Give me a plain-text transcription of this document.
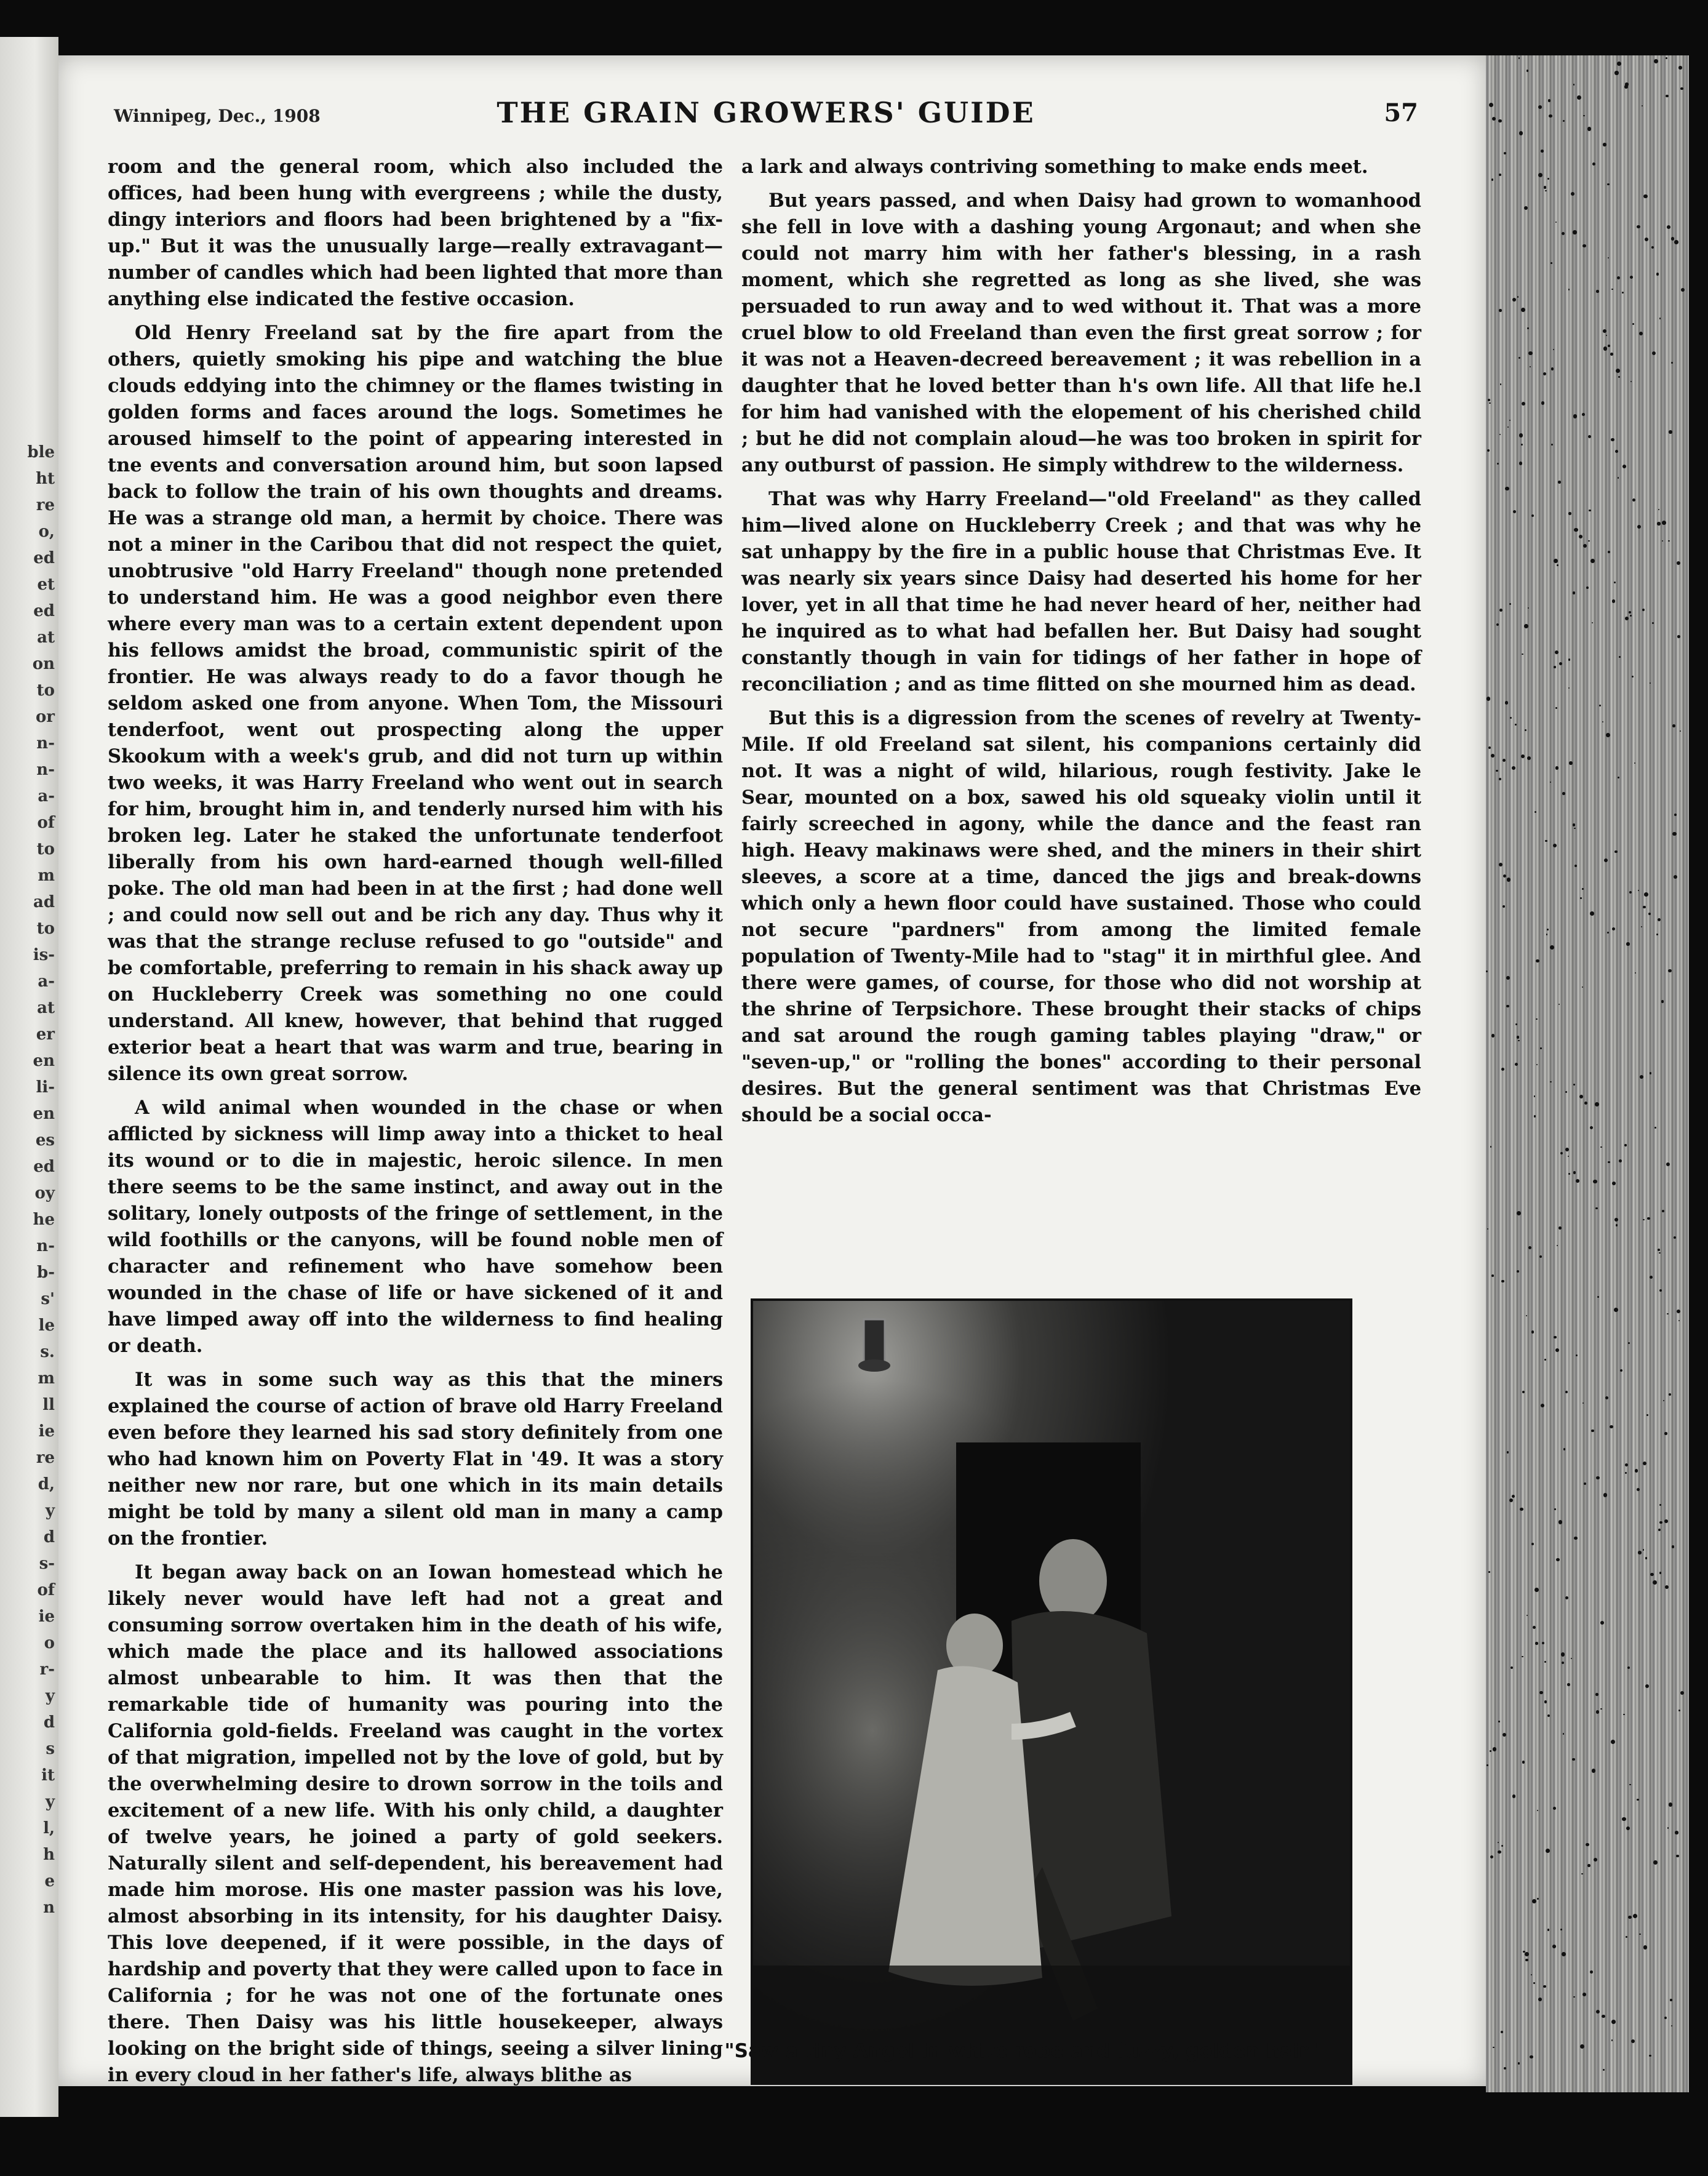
ble
ht
re
o,
ed
et
ed
at
on
to
or
n-
n-
a-
of
to
m
ad
to
is-
a-
at
er
en
li-
en
es
ed
oy
he
n-
b-
s'
le
s.
m
ll
ie
re
d,
y
d
s-
of
ie
o
r-
y
d
s
it
y
l,
h
e
n
Winnipeg, Dec., 1908	THE GRAIN GROWERS' GUIDE	57

room and the general room, which also included the offices, had been hung with evergreens ; while the dusty, dingy interiors and floors had been brightened by a "fix-up." But it was the unusually large—really extravagant—number of candles which had been lighted that more than anything else indicated the festive occasion.

Old Henry Freeland sat by the fire apart from the others, quietly smoking his pipe and watching the blue clouds eddying into the chimney or the flames twisting in golden forms and faces around the logs. Sometimes he aroused himself to the point of appearing interested in tne events and conversation around him, but soon lapsed back to follow the train of his own thoughts and dreams. He was a strange old man, a hermit by choice. There was not a miner in the Caribou that did not respect the quiet, unobtrusive "old Harry Freeland" though none pretended to understand him. He was a good neighbor even there where every man was to a certain extent dependent upon his fellows amidst the broad, communistic spirit of the frontier. He was always ready to do a favor though he seldom asked one from anyone. When Tom, the Missouri tenderfoot, went out prospecting along the upper Skookum with a week's grub, and did not turn up within two weeks, it was Harry Freeland who went out in search for him, brought him in, and tenderly nursed him with his broken leg. Later he staked the unfortunate tenderfoot liberally from his own hard-earned though well-filled poke. The old man had been in at the first ; had done well ; and could now sell out and be rich any day. Thus why it was that the strange recluse refused to go "outside" and be comfortable, preferring to remain in his shack away up on Huckleberry Creek was something no one could understand. All knew, however, that behind that rugged exterior beat a heart that was warm and true, bearing in silence its own great sorrow.

A wild animal when wounded in the chase or when afflicted by sickness will limp away into a thicket to heal its wound or to die in majestic, heroic silence. In men there seems to be the same instinct, and away out in the solitary, lonely outposts of the fringe of settlement, in the wild foothills or the canyons, will be found noble men of character and refinement who have somehow been wounded in the chase of life or have sickened of it and have limped away off into the wilderness to find healing or death.

It was in some such way as this that the miners explained the course of action of brave old Harry Freeland even before they learned his sad story definitely from one who had known him on Poverty Flat in '49. It was a story neither new nor rare, but one which in its main details might be told by many a silent old man in many a camp on the frontier.

It began away back on an Iowan homestead which he likely never would have left had not a great and consuming sorrow overtaken him in the death of his wife, which made the place and its hallowed associations almost unbearable to him. It was then that the remarkable tide of humanity was pouring into the California gold-fields. Freeland was caught in the vortex of that migration, impelled not by the love of gold, but by the overwhelming desire to drown sorrow in the toils and excitement of a new life. With his only child, a daughter of twelve years, he joined a party of gold seekers. Naturally silent and self-dependent, his bereavement had made him morose. His one master passion was his love, almost absorbing in its intensity, for his daughter Daisy. This love deepened, if it were possible, in the days of hardship and poverty that they were called upon to face in California ; for he was not one of the fortunate ones there. Then Daisy was his little housekeeper, always looking on the bright side of things, seeing a silver lining in every cloud in her father's life, always blithe as

a lark and always contriving something to make ends meet.

But years passed, and when Daisy had grown to womanhood she fell in love with a dashing young Argonaut; and when she could not marry him with her father's blessing, in a rash moment, which she regretted as long as she lived, she was persuaded to run away and to wed without it. That was a more cruel blow to old Freeland than even the first great sorrow ; for it was not a Heaven-decreed bereavement ; it was rebellion in a daughter that he loved better than h's own life. All that life he.l for him had vanished with the elopement of his cherished child ; but he did not complain aloud—he was too broken in spirit for any outburst of passion. He simply withdrew to the wilderness.

That was why Harry Freeland—"old Freeland" as they called him—lived alone on Huckleberry Creek ; and that was why he sat unhappy by the fire in a public house that Christmas Eve. It was nearly six years since Daisy had deserted his home for her lover, yet in all that time he had never heard of her, neither had he inquired as to what had befallen her. But Daisy had sought constantly though in vain for tidings of her father in hope of reconciliation ; and as time flitted on she mourned him as dead.

But this is a digression from the scenes of revelry at Twenty-Mile. If old Freeland sat silent, his companions certainly did not. It was a night of wild, hilarious, rough festivity. Jake le Sear, mounted on a box, sawed his old squeaky violin until it fairly screeched in agony, while the dance and the feast ran high. Heavy makinaws were shed, and the miners in their shirt sleeves, a score at a time, danced the jigs and break-downs which only a hewn floor could have sustained. Those who could not secure "pardners" from among the limited female population of Twenty-Mile had to "stag" it in mirthful glee. And there were games, of course, for those who did not worship at the shrine of Terpsichore. These brought their stacks of chips and sat around the rough gaming tables playing "draw," or "seven-up," or "rolling the bones" according to their personal desires. But the general sentiment was that Christmas Eve should be a social occa-

"Saw a tiny Angel in white robe and fuzzy, golden hair"
